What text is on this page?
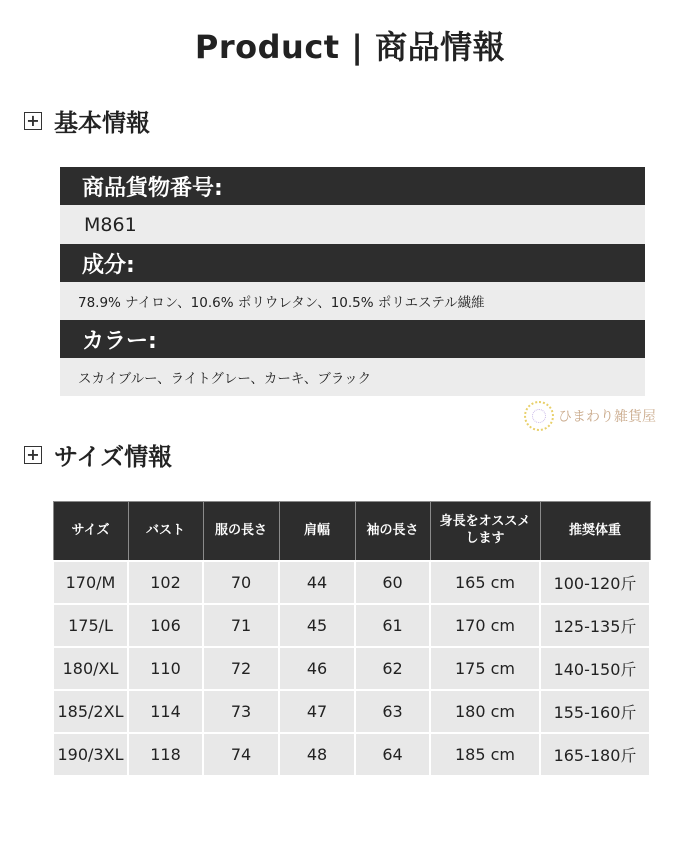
Product | 商品情報
+ 基本情報
商品貨物番号:
M861
成分:
78.9% ナイロン、10.6% ポリウレタン、10.5% ポリエステル繊維
カラー:
スカイブルー、ライトグレー、カーキ、ブラック
ひまわり雑貨屋
+ サイズ情報
サイズ	バスト	服の長さ	肩幅	袖の長さ	身長をオススメします	推奨体重
170/M	102	70	44	60	165 cm	100-120斤
175/L	106	71	45	61	170 cm	125-135斤
180/XL	110	72	46	62	175 cm	140-150斤
185/2XL	114	73	47	63	180 cm	155-160斤
190/3XL	118	74	48	64	185 cm	165-180斤
